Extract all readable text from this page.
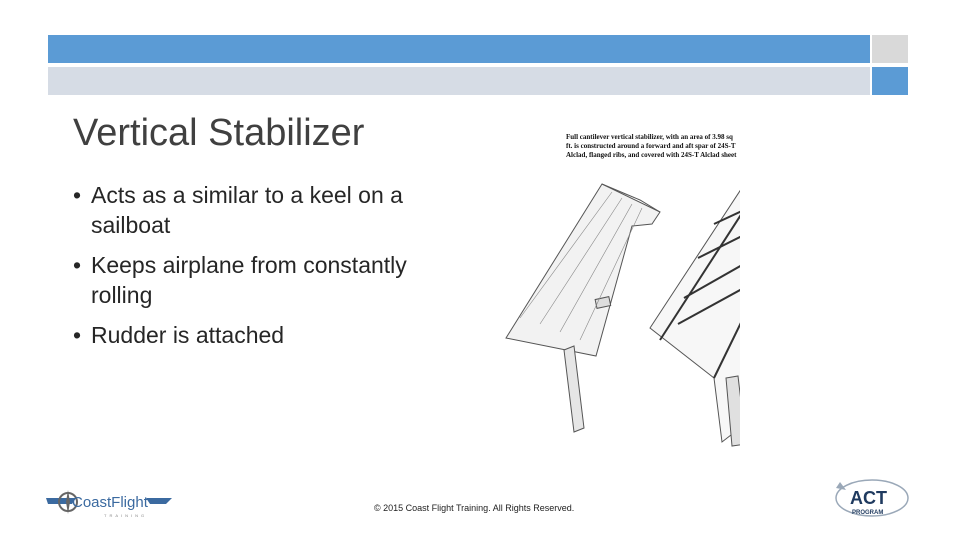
Vertical Stabilizer
• Acts as a similar to a keel on a sailboat
• Keeps airplane from constantly rolling
• Rudder is attached
Full cantilever vertical stabilizer, with an area of 3.98 sq ft. is constructed around a forward and aft spar of 24S-T Alclad, flanged ribs, and covered with 24S-T Alclad sheet
CoastFlight
TRAINING
ACT
PROGRAM
© 2015 Coast Flight Training. All Rights Reserved.
